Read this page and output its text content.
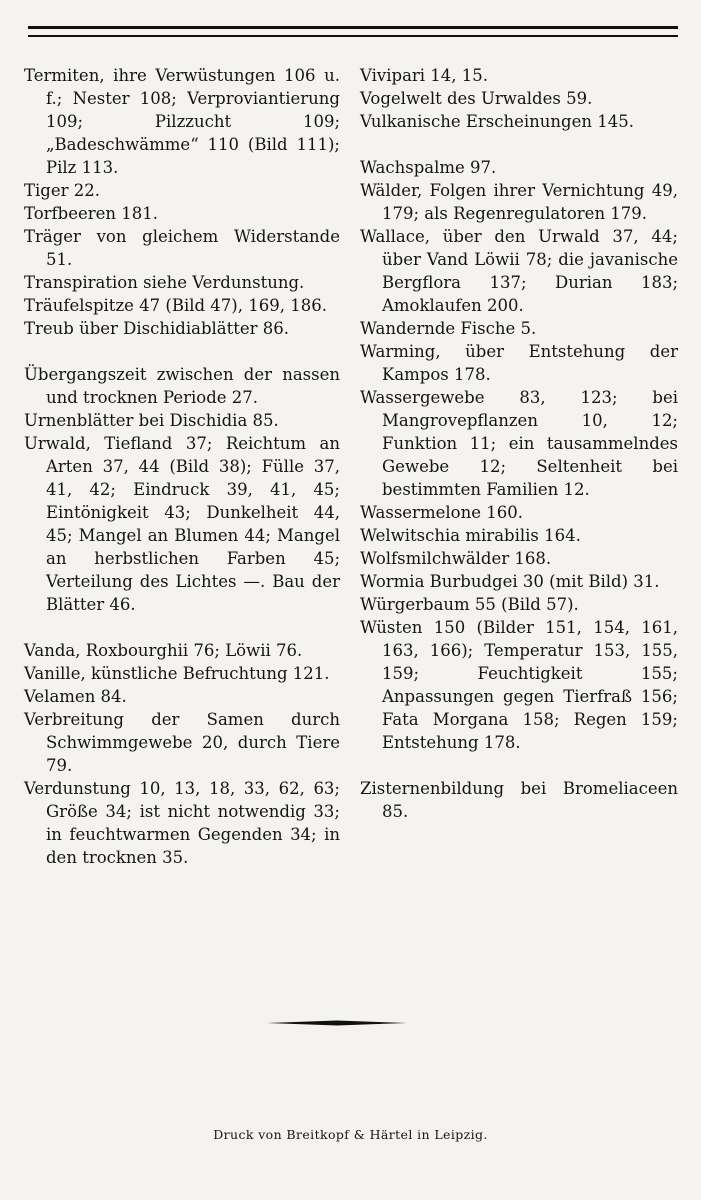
Termiten, ihre Verwüstungen 106 u. f.; Nester 108; Verproviantierung 109; Pilzzucht 109; „Badeschwämme“ 110 (Bild 111); Pilz 113.

Tiger 22.

Torfbeeren 181.

Träger von gleichem Widerstande 51.

Transpiration siehe Verdunstung.

Träufelspitze 47 (Bild 47), 169, 186.

Treub über Dischidiablätter 86.

Übergangszeit zwischen der nassen und trocknen Periode 27.

Urnenblätter bei Dischidia 85.

Urwald, Tiefland 37; Reichtum an Arten 37, 44 (Bild 38); Fülle 37, 41, 42; Eindruck 39, 41, 45; Eintönigkeit 43; Dunkelheit 44, 45; Mangel an Blumen 44; Mangel an herbstlichen Farben 45; Verteilung des Lichtes —. Bau der Blätter 46.

Vanda, Roxbourghii 76; Löwii 76.

Vanille, künstliche Befruchtung 121.

Velamen 84.

Verbreitung der Samen durch Schwimmgewebe 20, durch Tiere 79.

Verdunstung 10, 13, 18, 33, 62, 63; Größe 34; ist nicht notwendig 33; in feuchtwarmen Gegenden 34; in den trocknen 35.

Vivipari 14, 15.

Vogelwelt des Urwaldes 59.

Vulkanische Erscheinungen 145.

Wachspalme 97.

Wälder, Folgen ihrer Vernichtung 49, 179; als Regenregulatoren 179.

Wallace, über den Urwald 37, 44; über Vand Löwii 78; die javanische Bergflora 137; Durian 183; Amoklaufen 200.

Wandernde Fische 5.

Warming, über Entstehung der Kampos 178.

Wassergewebe 83, 123; bei Mangrovepflanzen 10, 12; Funktion 11; ein tausammelndes Gewebe 12; Seltenheit bei bestimmten Familien 12.

Wassermelone 160.

Welwitschia mirabilis 164.

Wolfsmilchwälder 168.

Wormia Burbudgei 30 (mit Bild) 31.

Würgerbaum 55 (Bild 57).

Wüsten 150 (Bilder 151, 154, 161, 163, 166); Temperatur 153, 155, 159; Feuchtigkeit 155; Anpassungen gegen Tierfraß 156; Fata Morgana 158; Regen 159; Entstehung 178.

Zisternenbildung bei Bromeliaceen 85.

Druck von Breitkopf & Härtel in Leipzig.
